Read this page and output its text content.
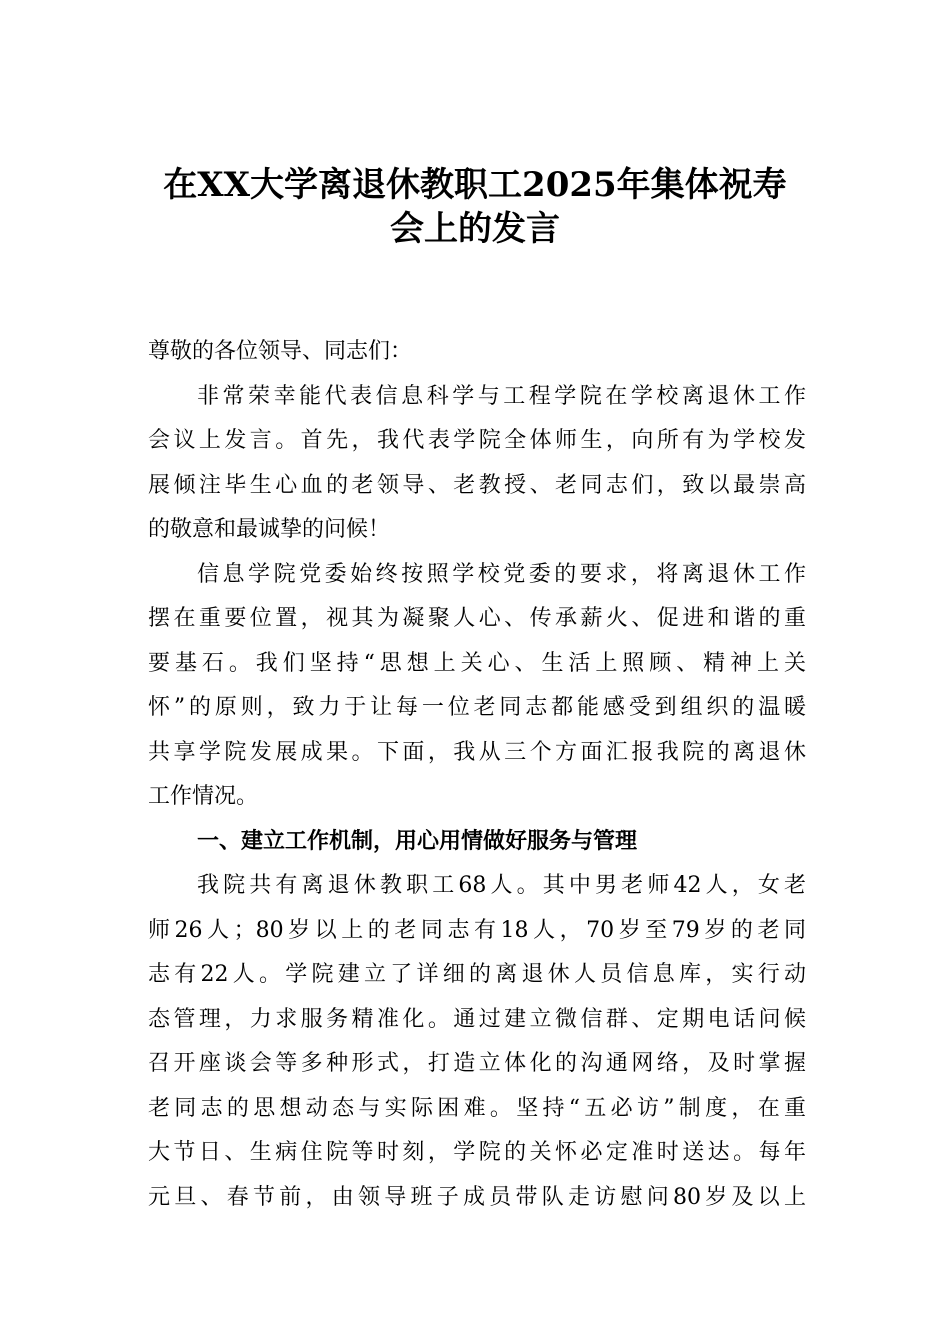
在XX大学离退休教职工2025年集体祝寿
会上的发言
尊敬的各位领导、同志们：
非常荣幸能代表信息科学与工程学院在学校离退休工作
会议上发言。首先，我代表学院全体师生，向所有为学校发
展倾注毕生心血的老领导、老教授、老同志们，致以最崇高
的敬意和最诚挚的问候！
信息学院党委始终按照学校党委的要求，将离退休工作
摆在重要位置，视其为凝聚人心、传承薪火、促进和谐的重
要基石。我们坚持“思想上关心、生活上照顾、精神上关
怀”的原则，致力于让每一位老同志都能感受到组织的温暖
共享学院发展成果。下面，我从三个方面汇报我院的离退休
工作情况。
一、建立工作机制，用心用情做好服务与管理
我院共有离退休教职工68人。其中男老师42人，女老
师26人；80岁以上的老同志有18人，70岁至79岁的老同
志有22人。学院建立了详细的离退休人员信息库，实行动
态管理，力求服务精准化。通过建立微信群、定期电话问候
召开座谈会等多种形式，打造立体化的沟通网络，及时掌握
老同志的思想动态与实际困难。坚持“五必访”制度，在重
大节日、生病住院等时刻，学院的关怀必定准时送达。每年
元旦、春节前，由领导班子成员带队走访慰问80岁及以上
